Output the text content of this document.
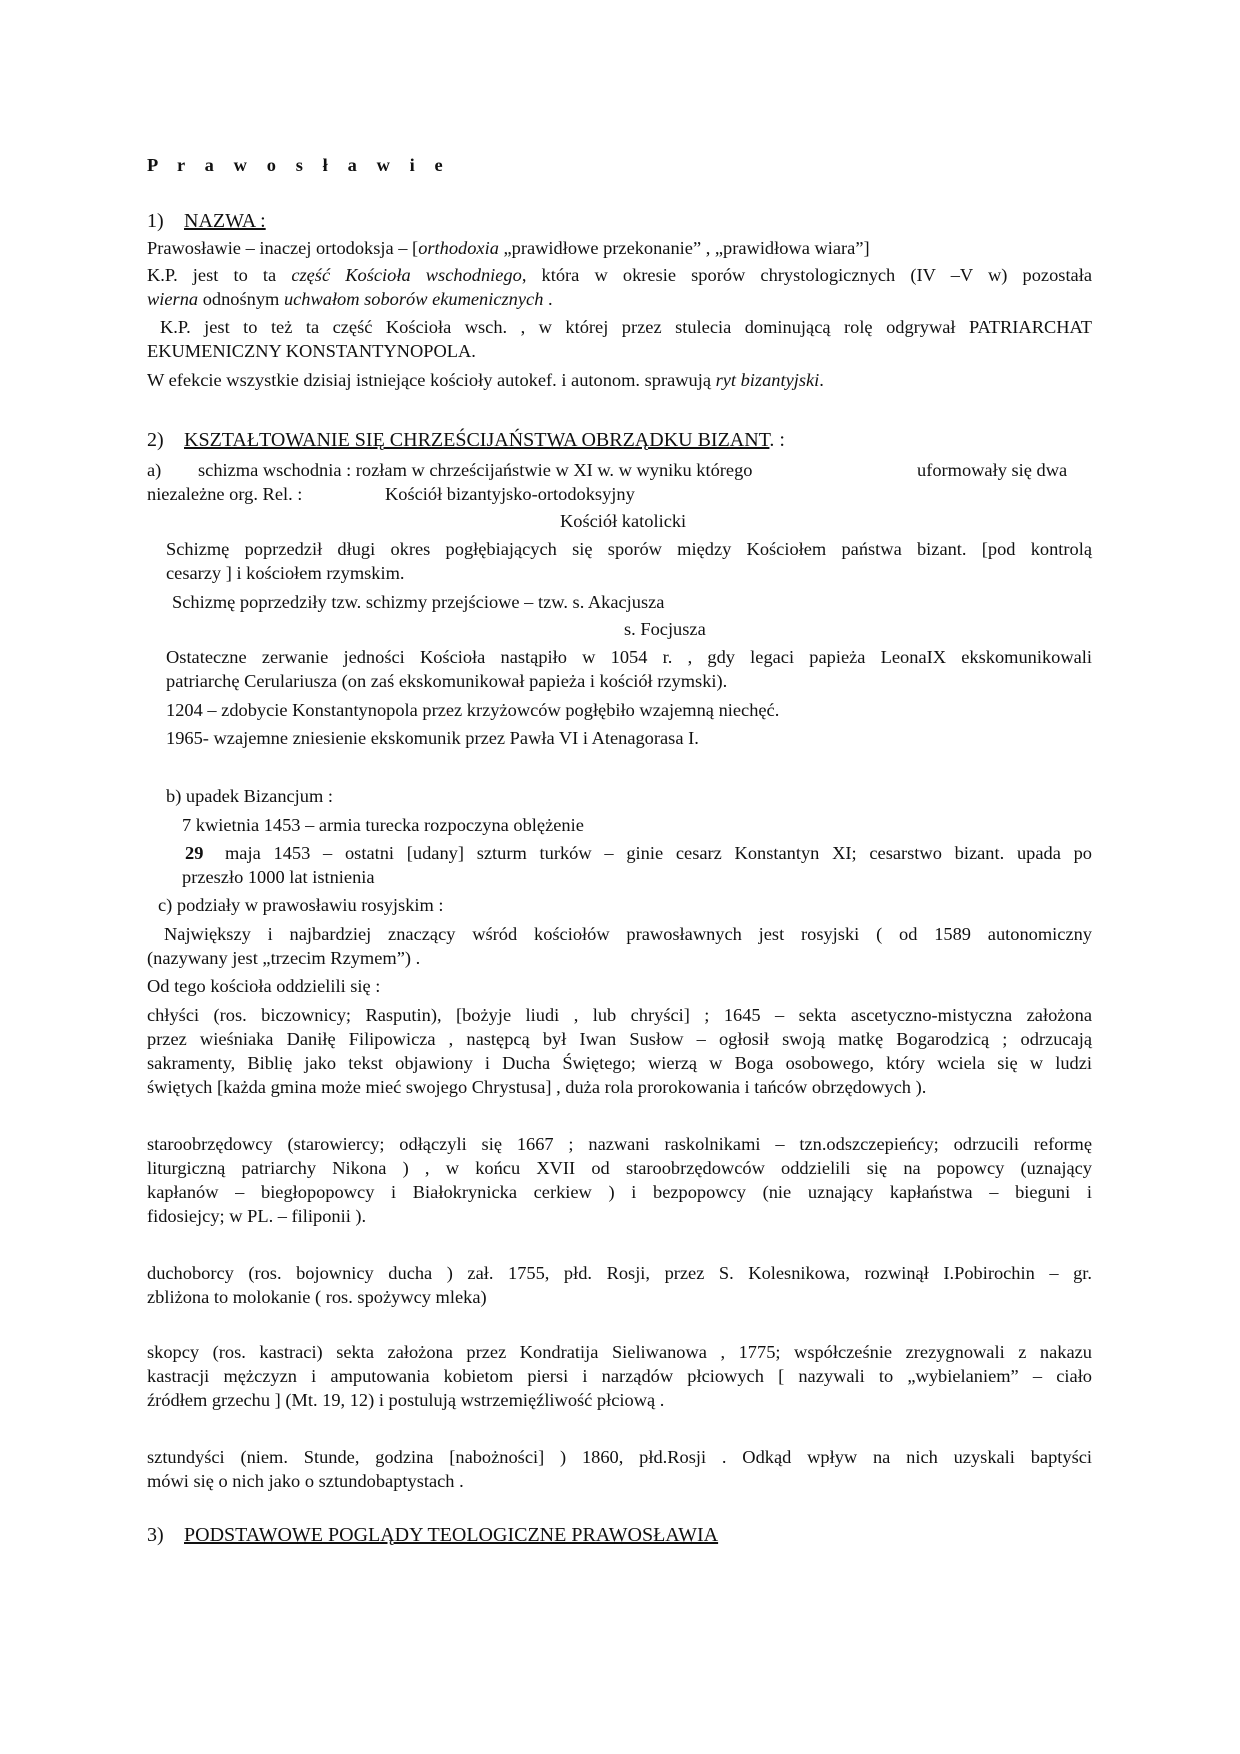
P r a w o s ł a w i e
1) NAZWA :
Prawosławie – inaczej ortodoksja – [orthodoxia „prawidłowe przekonanie” , „prawidłowa wiara”]
K.P. jest to ta część Kościoła wschodniego, która w okresie sporów chrystologicznych (IV –V w) pozostała
wierna odnośnym uchwałom soborów ekumenicznych .
K.P. jest to też ta część Kościoła wsch. , w której przez stulecia dominującą rolę odgrywał PATRIARCHAT
EKUMENICZNY KONSTANTYNOPOLA.
W efekcie wszystkie dzisiaj istniejące kościoły autokef. i autonom. sprawują ryt bizantyjski.
2) KSZTAŁTOWANIE SIĘ CHRZEŚCIJAŃSTWA OBRZĄDKU BIZANT. :
a) schizma wschodnia : rozłam w chrześcijaństwie w XI w. w wyniku którego	uformowały się dwa
niezależne org. Rel. :	Kościół bizantyjsko-ortodoksyjny
Kościół katolicki
Schizmę poprzedził długi okres pogłębiających się sporów między Kościołem państwa bizant. [pod kontrolą
cesarzy ] i kościołem rzymskim.
Schizmę poprzedziły tzw. schizmy przejściowe – tzw. s. Akacjusza
s. Focjusza
Ostateczne zerwanie jedności Kościoła nastąpiło w 1054 r. , gdy legaci papieża LeonaIX ekskomunikowali
patriarchę Cerulariusza (on zaś ekskomunikował papieża i kościół rzymski).
1204 – zdobycie Konstantynopola przez krzyżowców pogłębiło wzajemną niechęć.
1965- wzajemne zniesienie ekskomunik przez Pawła VI i Atenagorasa I.
b) upadek Bizancjum :
7 kwietnia 1453 – armia turecka rozpoczyna oblężenie
29 maja 1453 – ostatni [udany] szturm turków – ginie cesarz Konstantyn XI; cesarstwo bizant. upada po
przeszło 1000 lat istnienia
c) podziały w prawosławiu rosyjskim :
Największy i najbardziej znaczący wśród kościołów prawosławnych jest rosyjski ( od 1589 autonomiczny
(nazywany jest „trzecim Rzymem”) .
Od tego kościoła oddzielili się :
chłyści (ros. biczownicy; Rasputin), [bożyje liudi , lub chryści] ; 1645 – sekta ascetyczno-mistyczna założona
przez wieśniaka Daniłę Filipowicza , następcą był Iwan Susłow – ogłosił swoją matkę Bogarodzicą ; odrzucają
sakramenty, Biblię jako tekst objawiony i Ducha Świętego; wierzą w Boga osobowego, który wciela się w ludzi
świętych [każda gmina może mieć swojego Chrystusa] , duża rola prorokowania i tańców obrzędowych ).
staroobrzędowcy (starowiercy; odłączyli się 1667 ; nazwani raskolnikami – tzn.odszczepieńcy; odrzucili reformę
liturgiczną patriarchy Nikona ) , w końcu XVII od staroobrzędowców oddzielili się na popowcy (uznający
kapłanów – biegłopopowcy i Białokrynicka cerkiew ) i bezpopowcy (nie uznający kapłaństwa – bieguni i
fidosiejcy; w PL. – filiponii ).
duchoborcy (ros. bojownicy ducha ) zał. 1755, płd. Rosji, przez S. Kolesnikowa, rozwinął I.Pobirochin – gr.
zbliżona to molokanie ( ros. spożywcy mleka)
skopcy (ros. kastraci) sekta założona przez Kondratija Sieliwanowa , 1775; współcześnie zrezygnowali z nakazu
kastracji mężczyzn i amputowania kobietom piersi i narządów płciowych [ nazywali to „wybielaniem” – ciało
źródłem grzechu ] (Mt. 19, 12) i postulują wstrzemięźliwość płciową .
sztundyści (niem. Stunde, godzina [nabożności] ) 1860, płd.Rosji . Odkąd wpływ na nich uzyskali baptyści
mówi się o nich jako o sztundobaptystach .
3) PODSTAWOWE POGLĄDY TEOLOGICZNE PRAWOSŁAWIA
